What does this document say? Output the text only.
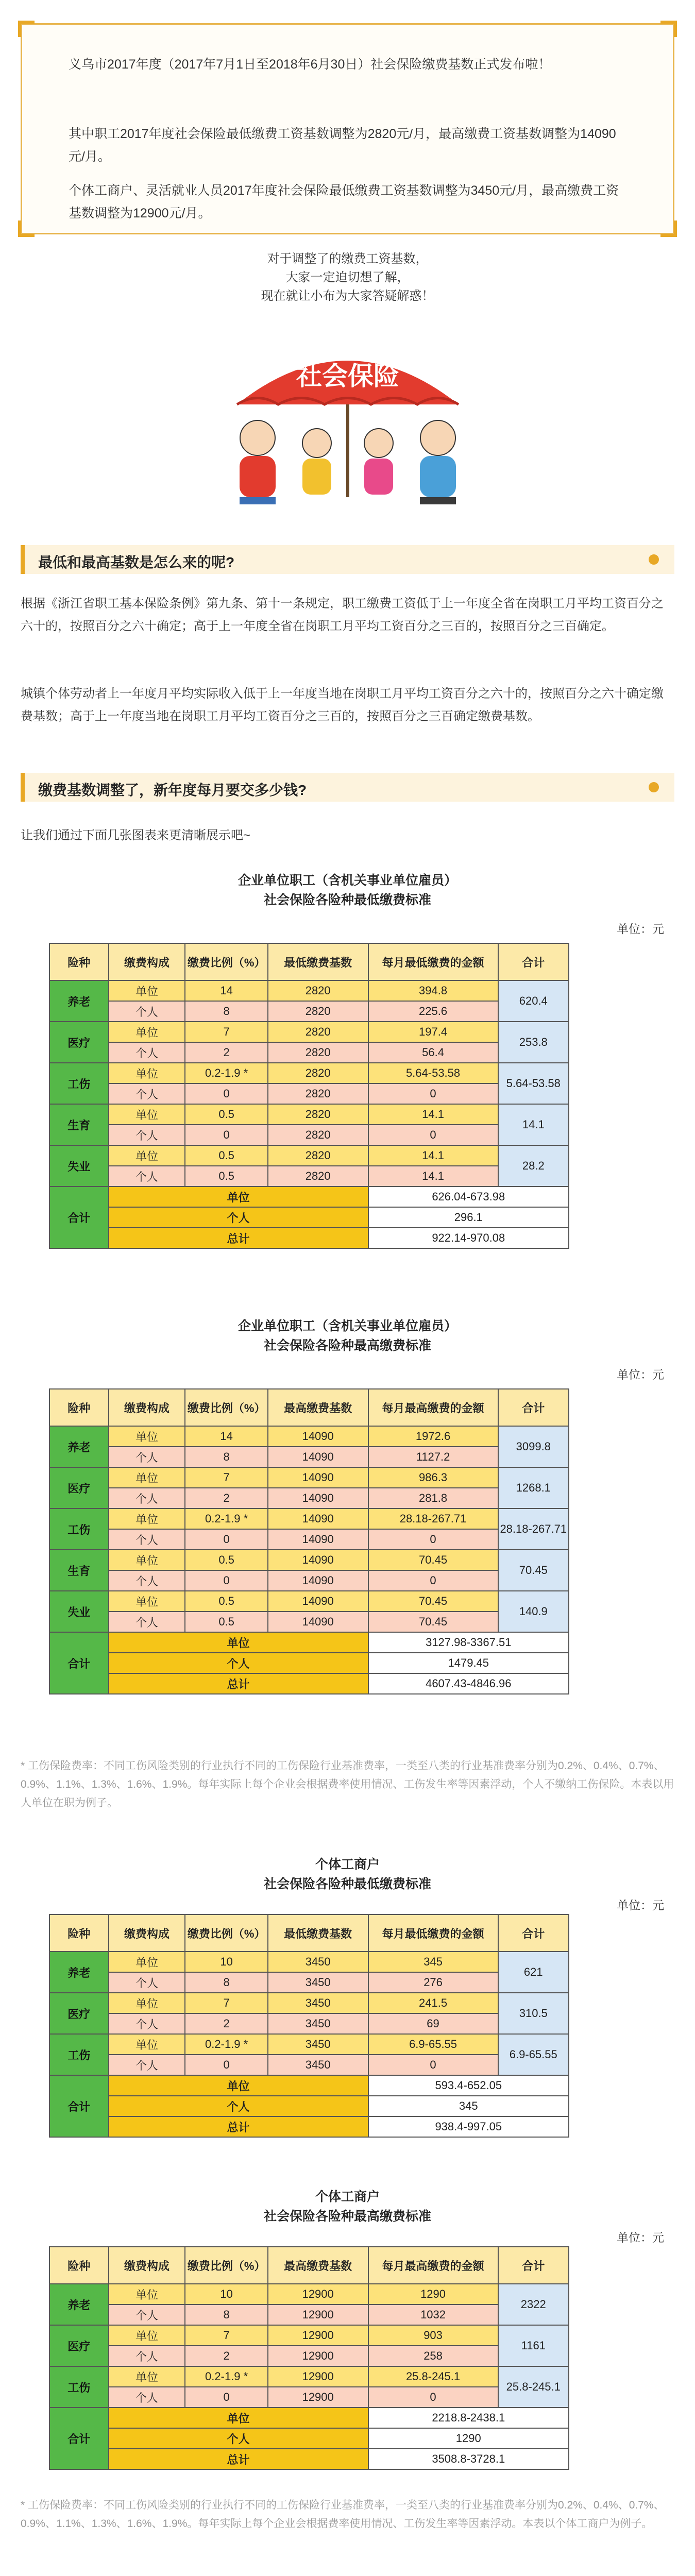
义乌市2017年度（2017年7月1日至2018年6月30日）社会保险缴费基数正式发布啦！

其中职工2017年度社会保险最低缴费工资基数调整为2820元/月，最高缴费工资基数调整为14090元/月。

个体工商户、灵活就业人员2017年度社会保险最低缴费工资基数调整为3450元/月，最高缴费工资基数调整为12900元/月。

对于调整了的缴费工资基数，
大家一定迫切想了解，
现在就让小布为大家答疑解惑！
社会保险
最低和最高基数是怎么来的呢?

根据《浙江省职工基本保险条例》第九条、第十一条规定，职工缴费工资低于上一年度全省在岗职工月平均工资百分之六十的，按照百分之六十确定；高于上一年度全省在岗职工月平均工资百分之三百的，按照百分之三百确定。

城镇个体劳动者上一年度月平均实际收入低于上一年度当地在岗职工月平均工资百分之六十的，按照百分之六十确定缴费基数；高于上一年度当地在岗职工月平均工资百分之三百的，按照百分之三百确定缴费基数。

缴费基数调整了，新年度每月要交多少钱?

让我们通过下面几张图表来更清晰展示吧~

企业单位职工（含机关事业单位雇员）
社会保险各险种最低缴费标准
单位：元
险种	缴费构成	缴费比例（%）	最低缴费基数	每月最低缴费的金额	合计
养老	单位	14	2820	394.8	620.4
	个人	8	2820	225.6	
医疗	单位	7	2820	197.4	253.8
	个人	2	2820	56.4	
工伤	单位	0.2-1.9 *	2820	5.64-53.58	5.64-53.58
	个人	0	2820	0	
生育	单位	0.5	2820	14.1	14.1
	个人	0	2820	0	
失业	单位	0.5	2820	14.1	28.2
	个人	0.5	2820	14.1	
合计	单位			626.04-673.98	
	个人			296.1	
	总计			922.14-970.08	
企业单位职工（含机关事业单位雇员）
社会保险各险种最高缴费标准
单位：元
险种	缴费构成	缴费比例（%）	最高缴费基数	每月最高缴费的金额	合计
养老	单位	14	14090	1972.6	3099.8
	个人	8	14090	1127.2	
医疗	单位	7	14090	986.3	1268.1
	个人	2	14090	281.8	
工伤	单位	0.2-1.9 *	14090	28.18-267.71	28.18-267.71
	个人	0	14090	0	
生育	单位	0.5	14090	70.45	70.45
	个人	0	14090	0	
失业	单位	0.5	14090	70.45	140.9
	个人	0.5	14090	70.45	
合计	单位			3127.98-3367.51	
	个人			1479.45	
	总计			4607.43-4846.96	

* 工伤保险费率：不同工伤风险类别的行业执行不同的工伤保险行业基准费率，一类至八类的行业基准费率分别为0.2%、0.4%、0.7%、0.9%、1.1%、1.3%、1.6%、1.9%。每年实际上每个企业会根据费率使用情况、工伤发生率等因素浮动，个人不缴纳工伤保险。本表以用人单位在职为例子。

个体工商户
社会保险各险种最低缴费标准
单位：元
险种	缴费构成	缴费比例（%）	最低缴费基数	每月最低缴费的金额	合计
养老	单位	10	3450	345	621
	个人	8	3450	276	
医疗	单位	7	3450	241.5	310.5
	个人	2	3450	69	
工伤	单位	0.2-1.9 *	3450	6.9-65.55	6.9-65.55
	个人	0	3450	0	
合计	单位			593.4-652.05	
	个人			345	
	总计			938.4-997.05	
个体工商户
社会保险各险种最高缴费标准
单位：元
险种	缴费构成	缴费比例（%）	最高缴费基数	每月最高缴费的金额	合计
养老	单位	10	12900	1290	2322
	个人	8	12900	1032	
医疗	单位	7	12900	903	1161
	个人	2	12900	258	
工伤	单位	0.2-1.9 *	12900	25.8-245.1	25.8-245.1
	个人	0	12900	0	
合计	单位			2218.8-2438.1	
	个人			1290	
	总计			3508.8-3728.1	

* 工伤保险费率：不同工伤风险类别的行业执行不同的工伤保险行业基准费率，一类至八类的行业基准费率分别为0.2%、0.4%、0.7%、0.9%、1.1%、1.3%、1.6%、1.9%。每年实际上每个企业会根据费率使用情况、工伤发生率等因素浮动。本表以个体工商户为例子。
